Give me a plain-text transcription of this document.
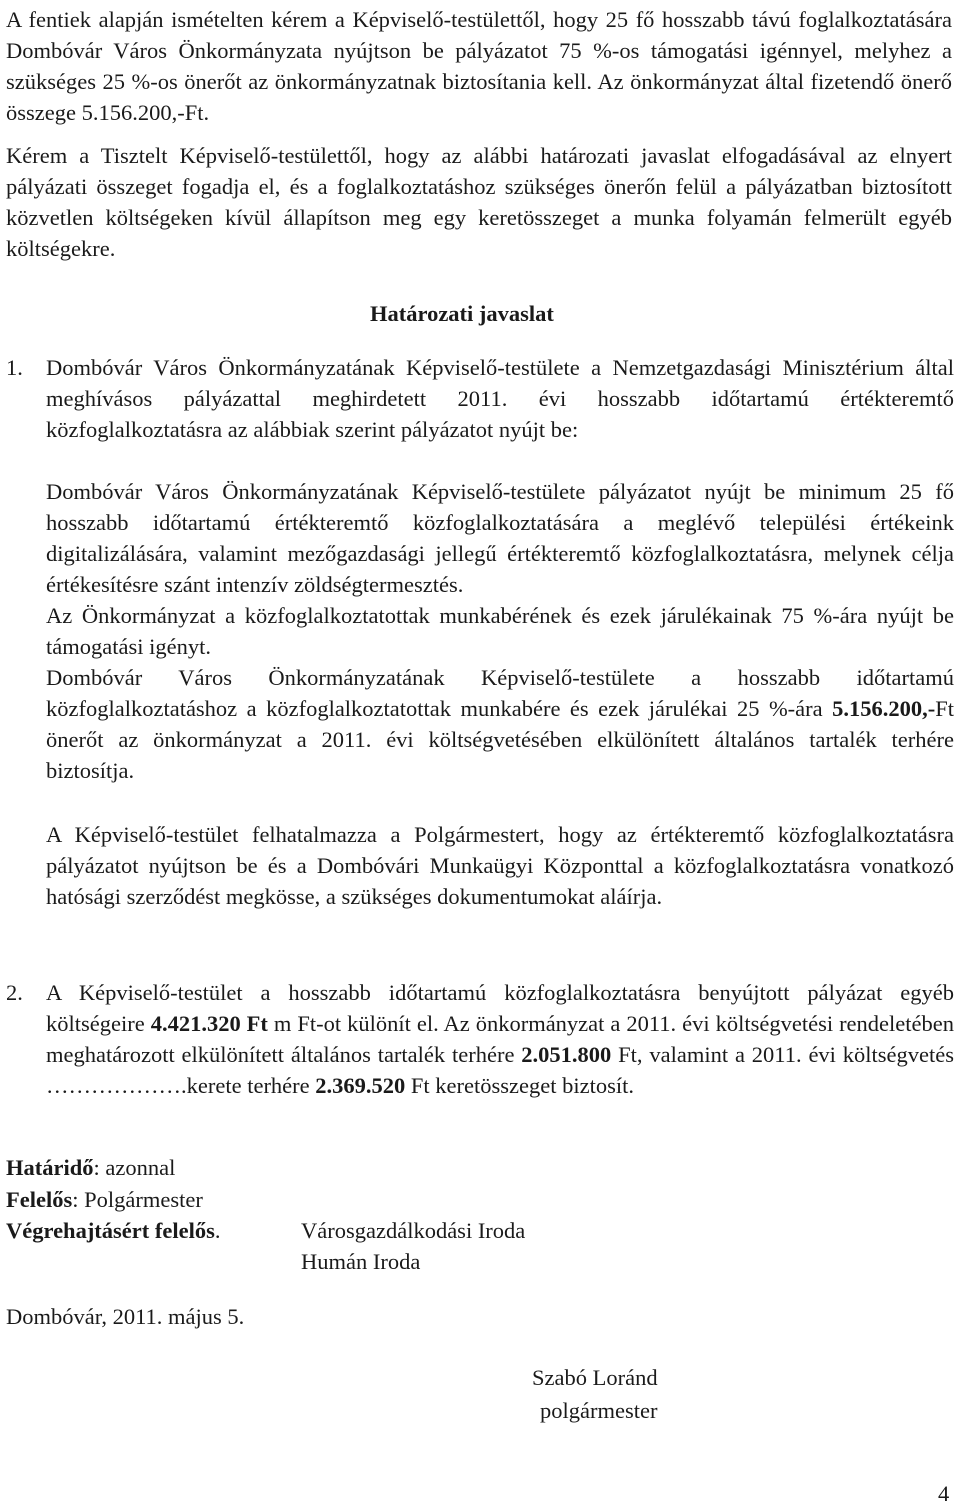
A fentiek alapján ismételten kérem a Képviselő-testülettől, hogy 25 fő hosszabb távú foglalkoztatására Dombóvár Város Önkormányzata nyújtson be pályázatot 75 %-os támogatási igénnyel, melyhez a szükséges 25 %-os önerőt az önkormányzatnak biztosítania kell. Az önkormányzat által fizetendő önerő összege 5.156.200,-Ft.

Kérem a Tisztelt Képviselő-testülettől, hogy az alábbi határozati javaslat elfogadásával az elnyert pályázati összeget fogadja el, és a foglalkoztatáshoz szükséges önerőn felül a pályázatban biztosított közvetlen költségeken kívül állapítson meg egy keretösszeget a munka folyamán felmerült egyéb költségekre.

Határozati javaslat
1. Dombóvár Város Önkormányzatának Képviselő-testülete a Nemzetgazdasági Minisztérium által meghívásos pályázattal meghirdetett 2011. évi hosszabb időtartamú értékteremtő közfoglalkoztatásra az alábbiak szerint pályázatot nyújt be:

Dombóvár Város Önkormányzatának Képviselő-testülete pályázatot nyújt be minimum 25 fő hosszabb időtartamú értékteremtő közfoglalkoztatására a meglévő települési értékeink digitalizálására, valamint mezőgazdasági jellegű értékteremtő közfoglalkoztatásra, melynek célja értékesítésre szánt intenzív zöldségtermesztés.

Az Önkormányzat a közfoglalkoztatottak munkabérének és ezek járulékainak 75 %-ára nyújt be támogatási igényt.

Dombóvár Város Önkormányzatának Képviselő-testülete a hosszabb időtartamú közfoglalkoztatáshoz a közfoglalkoztatottak munkabére és ezek járulékai 25 %-ára 5.156.200,-Ft önerőt az önkormányzat a 2011. évi költségvetésében elkülönített általános tartalék terhére biztosítja.

A Képviselő-testület felhatalmazza a Polgármestert, hogy az értékteremtő közfoglalkoztatásra pályázatot nyújtson be és a Dombóvári Munkaügyi Központtal a közfoglalkoztatásra vonatkozó hatósági szerződést megkösse, a szükséges dokumentumokat aláírja.

2. A Képviselő-testület a hosszabb időtartamú közfoglalkoztatásra benyújtott pályázat egyéb költségeire 4.421.320 Ft m Ft-ot különít el. Az önkormányzat a 2011. évi költségvetési rendeletében meghatározott elkülönített általános tartalék terhére 2.051.800 Ft, valamint a 2011. évi költségvetés ……………….kerete terhére 2.369.520 Ft keretösszeget biztosít.

Határidő: azonnal
Felelős: Polgármester
Végrehajtásért felelős.	Városgazdálkodási Iroda
Humán Iroda
Dombóvár, 2011. május 5.
Szabó Loránd
polgármester
4
